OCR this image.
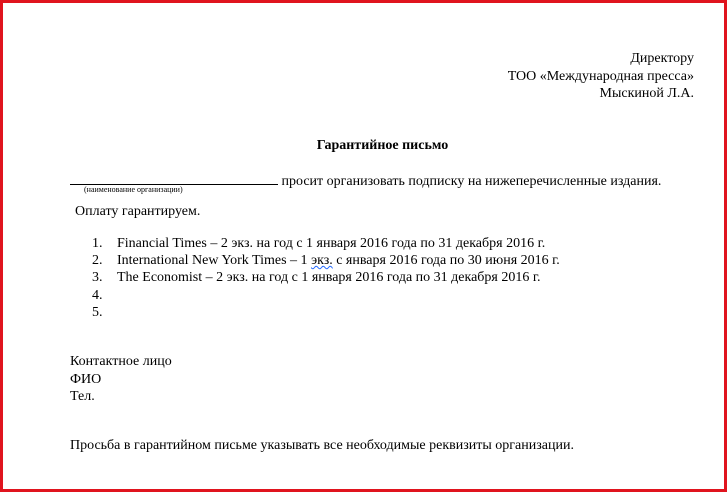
Директору
ТОО «Международная пресса»
Мыскиной Л.А.
Гарантийное письмо
просит организовать подписку на нижеперечисленные издания.
(наименование организации)
Оплату гарантируем.
1. Financial Times – 2 экз. на год с 1 января 2016 года по 31 декабря 2016 г.
2. International New York Times – 1 экз. с января 2016 года по 30 июня 2016 г.
3. The Economist – 2 экз. на год с 1 января 2016 года по 31 декабря 2016 г.
4.
5.
Контактное лицо
ФИО
Тел.
Просьба в гарантийном письме указывать все необходимые реквизиты организации.
